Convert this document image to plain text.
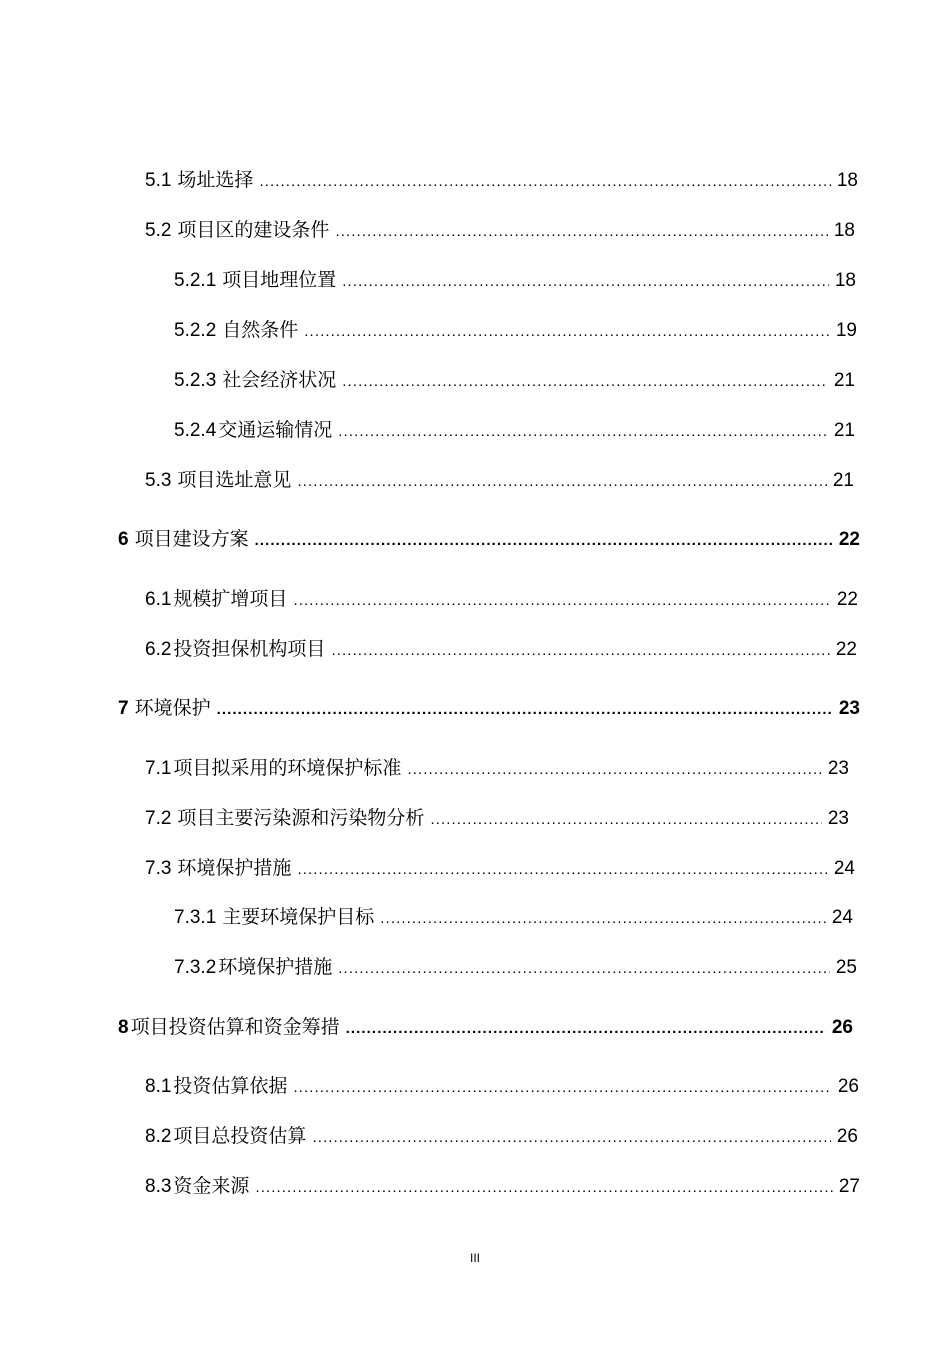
5.1 场址选择 .....	18
5.2 项目区的建设条件 .....	18
5.2.1 项目地理位置 .....	18
5.2.2 自然条件 .....	19
5.2.3 社会经济状况 .....	21
5.2.4 交通运输情况 .....	21
5.3 项目选址意见 .....	21
6 项目建设方案 .....	22
6.1 规模扩增项目 .....	22
6.2 投资担保机构项目 .....	22
7 环境保护 .....	23
7.1 项目拟采用的环境保护标准 .....	23
7.2 项目主要污染源和污染物分析 .....	23
7.3 环境保护措施 .....	24
7.3.1 主要环境保护目标 .....	24
7.3.2 环境保护措施 .....	25
8 项目投资估算和资金筹措 .....	26
8.1 投资估算依据 .....	26
8.2 项目总投资估算 .....	26
8.3 资金来源 .....	27
III
